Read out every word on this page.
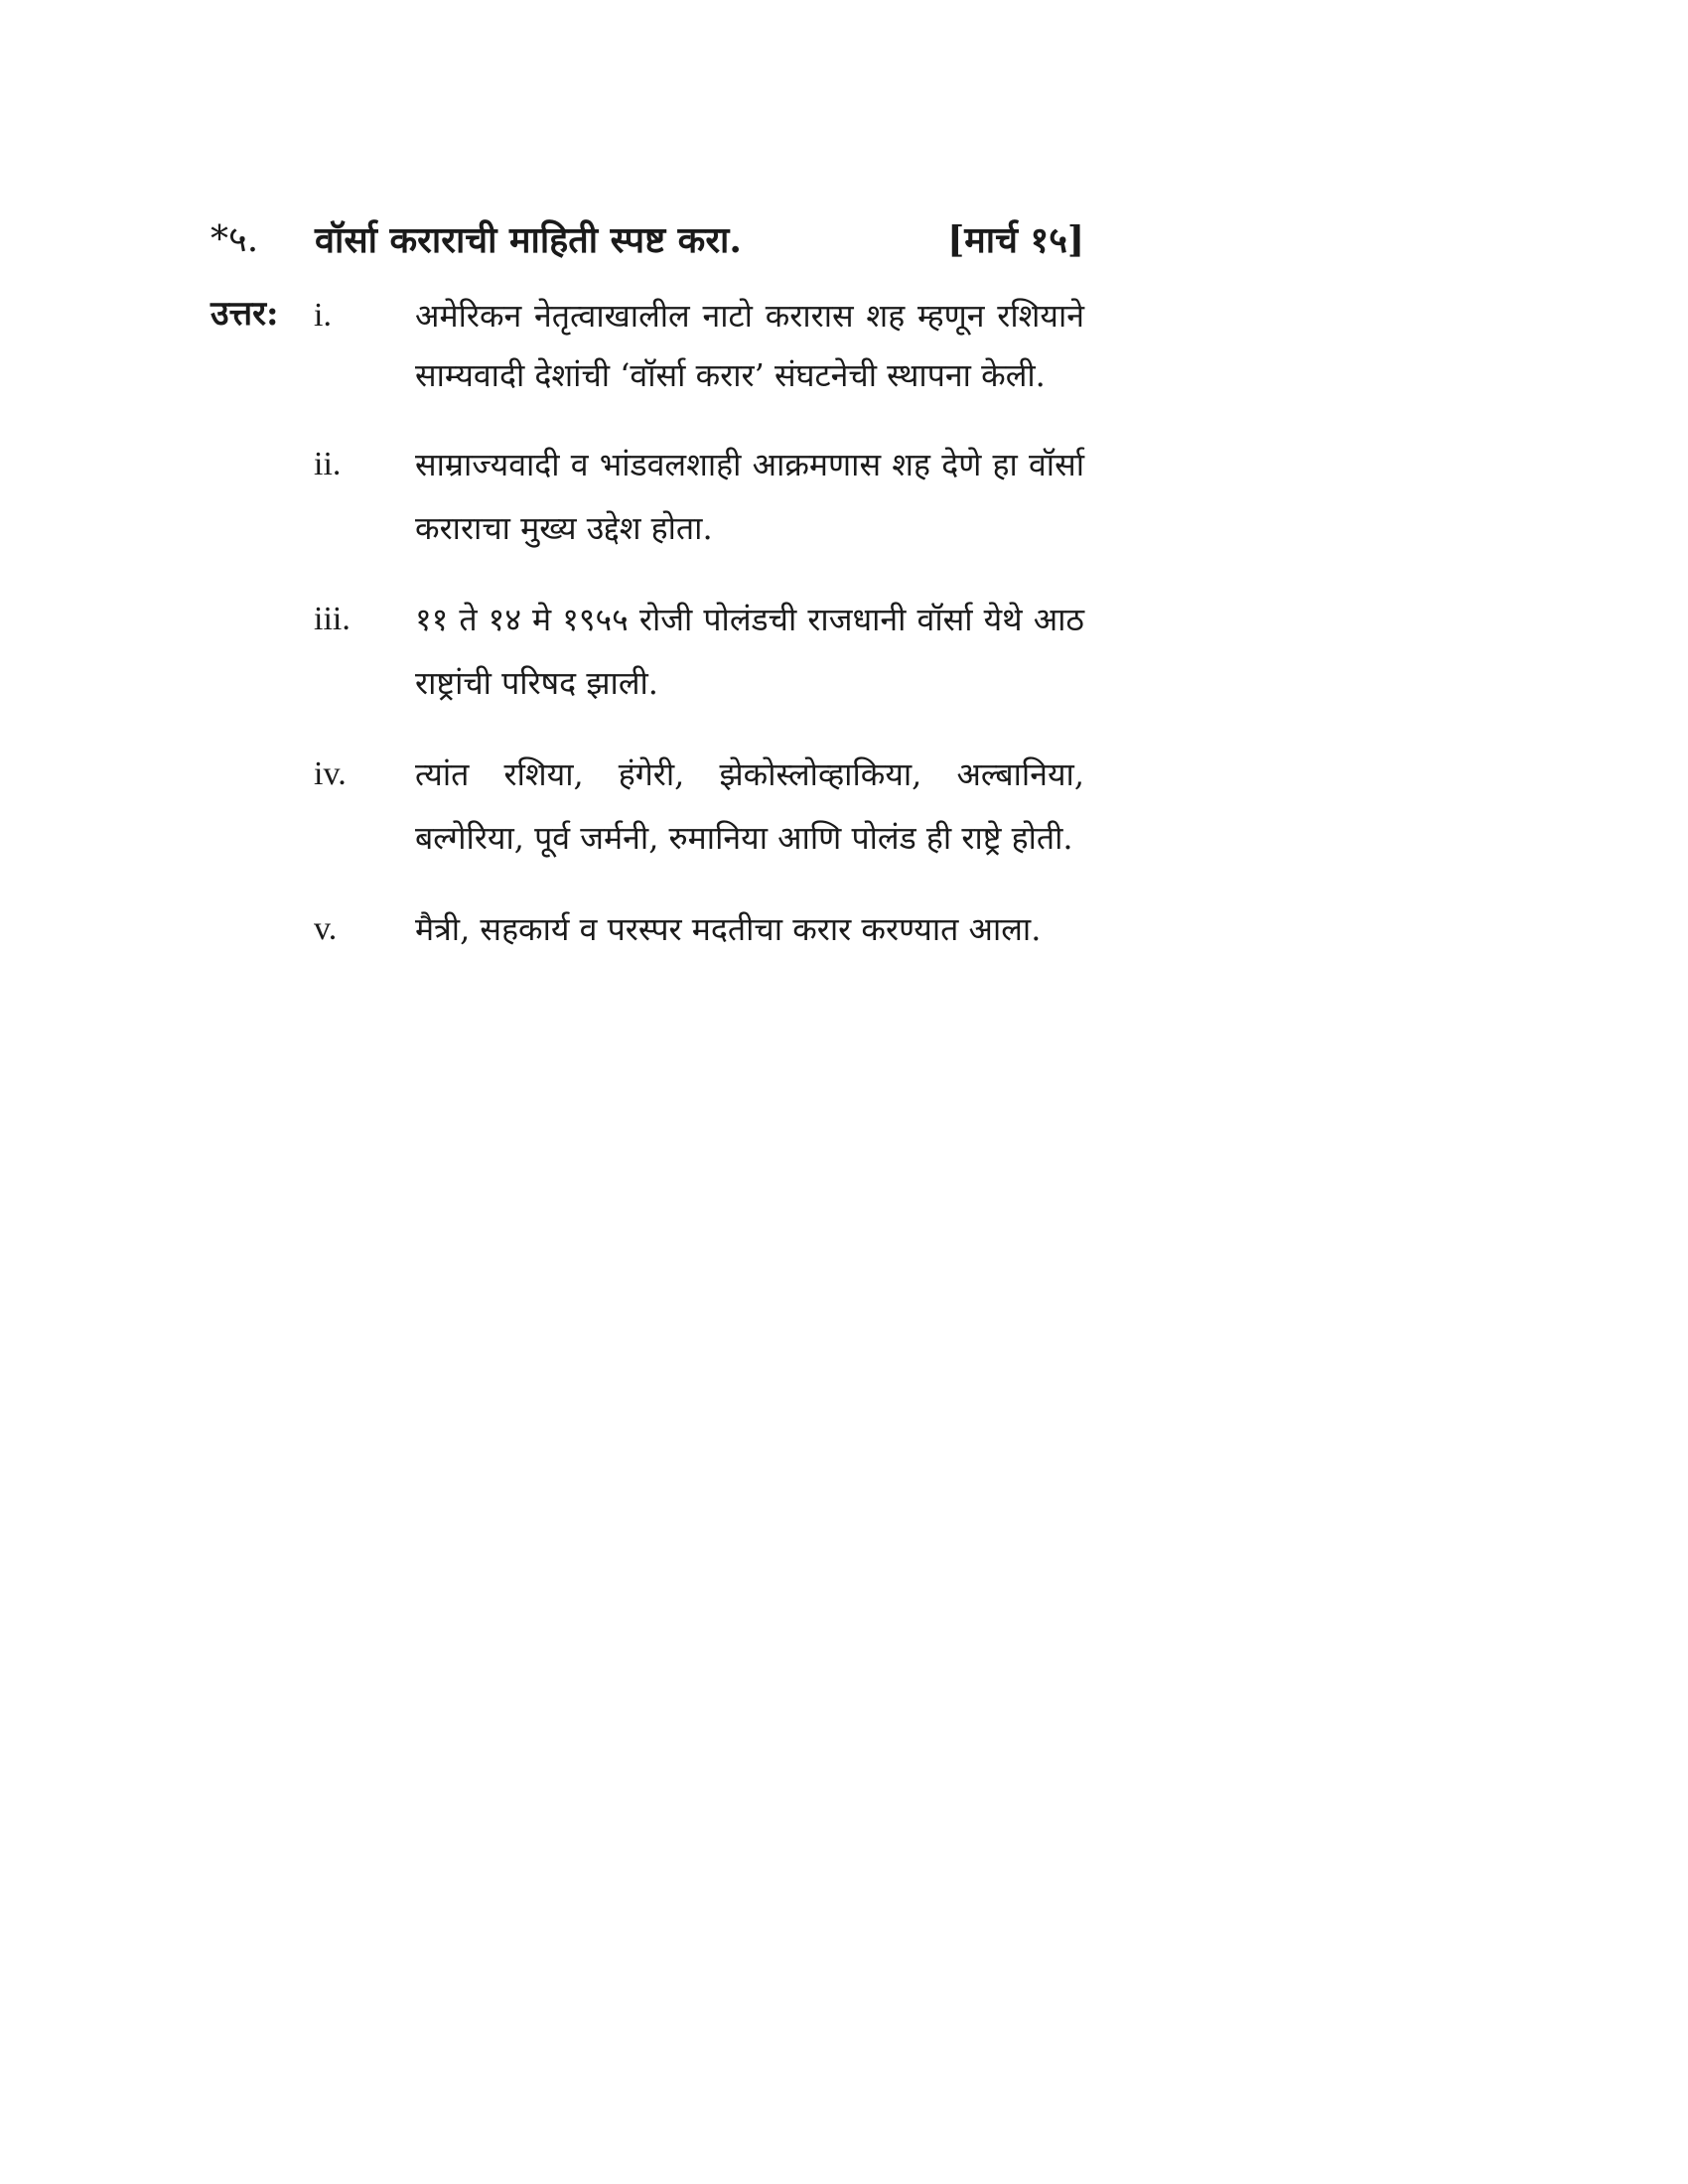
*५. वॉर्सा कराराची माहिती स्पष्ट करा.	[मार्च १५]
उत्तर: i.	अमेरिकन नेतृत्वाखालील नाटो करारास शह म्हणून रशियाने साम्यवादी देशांची ‘वॉर्सा करार’ संघटनेची स्थापना केली.
ii. साम्राज्यवादी व भांडवलशाही आक्रमणास शह देणे हा वॉर्सा कराराचा मुख्य उद्देश होता.
iii. ११ ते १४ मे १९५५ रोजी पोलंडची राजधानी वॉर्सा येथे आठ राष्ट्रांची परिषद झाली.
iv. त्यांत रशिया, हंगेरी, झेकोस्लोव्हाकिया, अल्बानिया, बल्गेरिया, पूर्व जर्मनी, रुमानिया आणि पोलंड ही राष्ट्रे होती.
v. मैत्री, सहकार्य व परस्पर मदतीचा करार करण्यात आला.
